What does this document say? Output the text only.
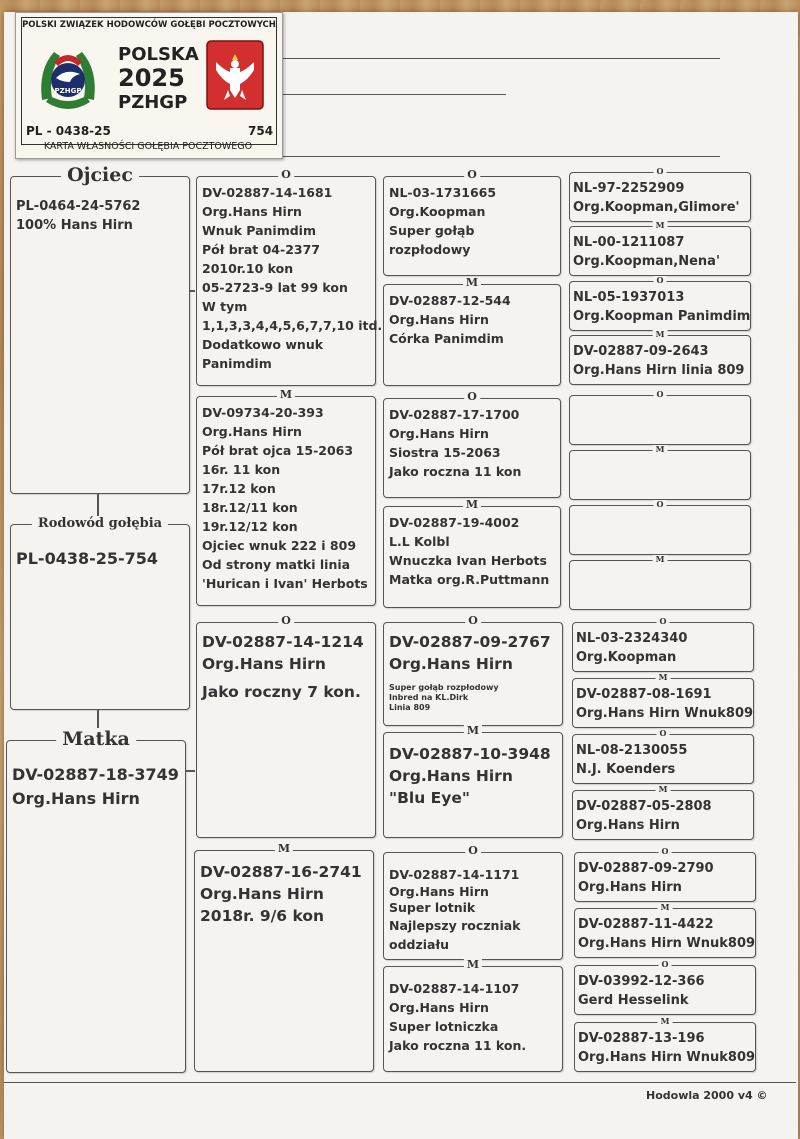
POLSKI ZWIĄZEK HODOWCÓW GOŁĘBI POCZTOWYCH
PZHGP
POLSKA
2025
PZHGP
PL - 0438-25	754
KARTA WŁASNOŚCI GOŁĘBIA POCZTOWEGO
Ojciec
PL-0464-24-5762
100% Hans Hirn
Rodowód gołębia
PL-0438-25-754
Matka
DV-02887-18-3749
Org.Hans Hirn
O
DV-02887-14-1681
Org.Hans Hirn
Wnuk Panimdim
Pół brat 04-2377
2010r.10 kon
05-2723-9 lat 99 kon
W tym
1,1,3,3,4,4,5,6,7,7,10 itd.
Dodatkowo wnuk
Panimdim
M
DV-09734-20-393
Org.Hans Hirn
Pół brat ojca 15-2063
16r. 11 kon
17r.12 kon
18r.12/11 kon
19r.12/12 kon
Ojciec wnuk 222 i 809
Od strony matki linia
'Hurican i Ivan' Herbots
O
DV-02887-14-1214
Org.Hans Hirn
Jako roczny 7 kon.
M
DV-02887-16-2741
Org.Hans Hirn
2018r. 9/6 kon
O
NL-03-1731665
Org.Koopman
Super gołąb
rozpłodowy
M
DV-02887-12-544
Org.Hans Hirn
Córka Panimdim
O
DV-02887-17-1700
Org.Hans Hirn
Siostra 15-2063
Jako roczna 11 kon
M
DV-02887-19-4002
L.L Kolbl
Wnuczka Ivan Herbots
Matka org.R.Puttmann
O
DV-02887-09-2767
Org.Hans Hirn
Super gołąb rozpłodowy
Inbred na KL.Dirk
Linia 809
M
DV-02887-10-3948
Org.Hans Hirn
"Blu Eye"
O
DV-02887-14-1171
Org.Hans Hirn
Super lotnik
Najlepszy roczniak
oddziału
M
DV-02887-14-1107
Org.Hans Hirn
Super lotniczka
Jako roczna 11 kon.
O
NL-97-2252909
Org.Koopman,Glimore'
M
NL-00-1211087
Org.Koopman,Nena'
O
NL-05-1937013
Org.Koopman Panimdim
M
DV-02887-09-2643
Org.Hans Hirn linia 809
O
M
O
M
O
NL-03-2324340
Org.Koopman
M
DV-02887-08-1691
Org.Hans Hirn Wnuk809
O
NL-08-2130055
N.J. Koenders
M
DV-02887-05-2808
Org.Hans Hirn
O
DV-02887-09-2790
Org.Hans Hirn
M
DV-02887-11-4422
Org.Hans Hirn Wnuk809
O
DV-03992-12-366
Gerd Hesselink
M
DV-02887-13-196
Org.Hans Hirn Wnuk809
Hodowla 2000 v4 ©
